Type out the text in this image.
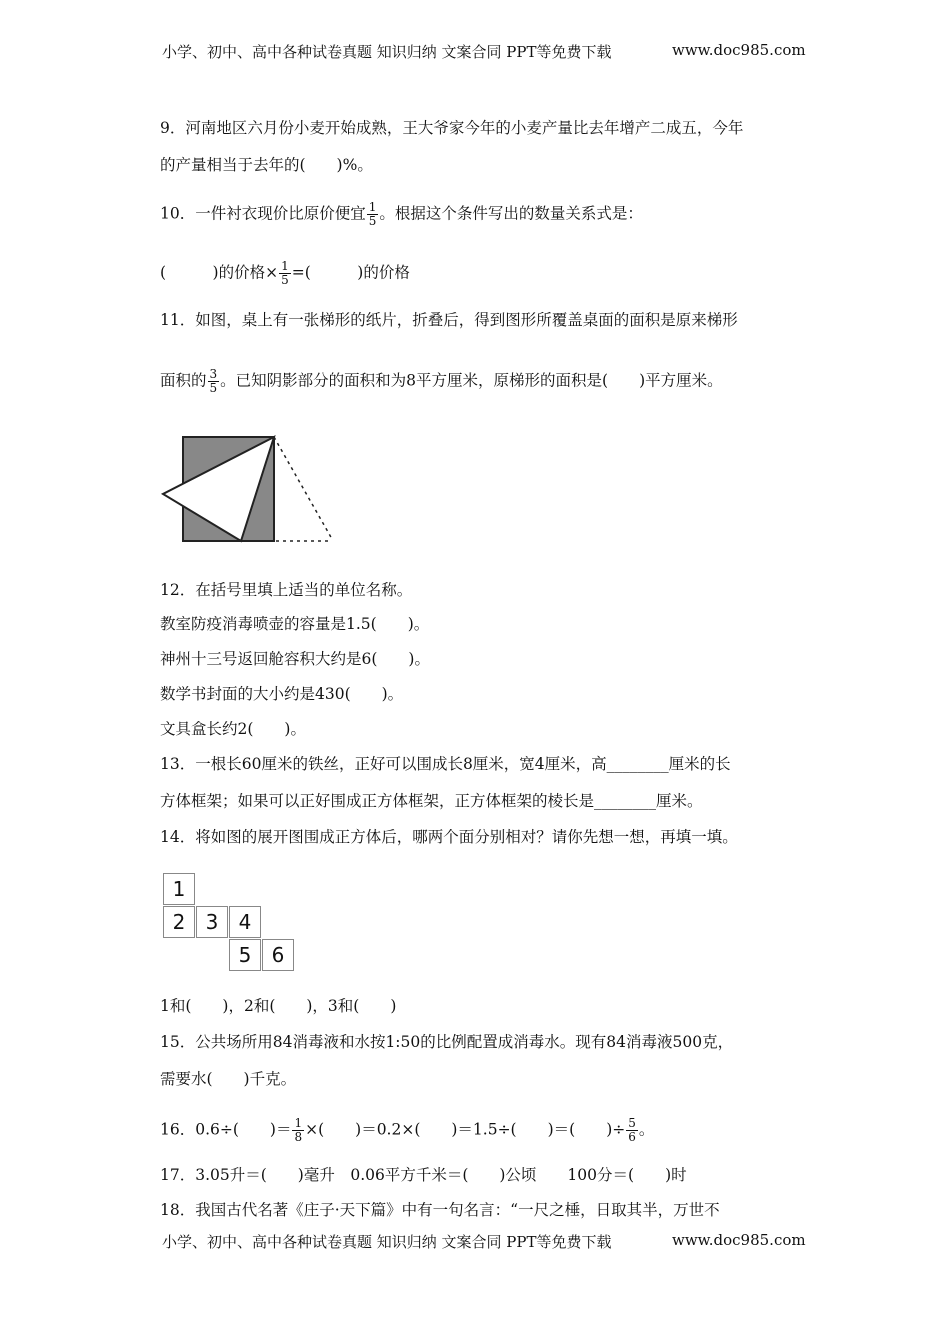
小学、初中、高中各种试卷真题 知识归纳 文案合同 PPT等免费下载	www.doc985.com
9．河南地区六月份小麦开始成熟，王大爷家今年的小麦产量比去年增产二成五，今年
的产量相当于去年的(　　)%。
10．一件衬衣现价比原价便宜 $\frac{1}{5}$ 。根据这个条件写出的数量关系式是：
(　　　)的价格× $\frac{1}{5}$ =(　　　)的价格
11．如图，桌上有一张梯形的纸片，折叠后，得到图形所覆盖桌面的面积是原来梯形
面积的 $\frac{3}{5}$ 。已知阴影部分的面积和为8平方厘米，原梯形的面积是(　　)平方厘米。
12．在括号里填上适当的单位名称。
教室防疫消毒喷壶的容量是1.5(　　)。
神州十三号返回舱容积大约是6(　　)。
数学书封面的大小约是430(　　)。
文具盒长约2(　　)。
13．一根长60厘米的铁丝，正好可以围成长8厘米，宽4厘米，高________厘米的长
方体框架；如果可以正好围成正方体框架，正方体框架的棱长是________厘米。
14．将如图的展开图围成正方体后，哪两个面分别相对？请你先想一想，再填一填。
1
2	3	4
5	6
1和(　　)，2和(　　)，3和(　　)
15．公共场所用84消毒液和水按1:50的比例配置成消毒水。现有84消毒液500克，
需要水(　　)千克。
16．0.6÷(　　)＝ $\frac{1}{8}$ ×(　　)＝0.2×(　　)＝1.5÷(　　)＝(　　)÷ $\frac{5}{6}$ 。
17．3.05升＝(　　)毫升　0.06平方千米＝(　　)公顷　　100分＝(　　)时
18．我国古代名著《庄子·天下篇》中有一句名言：“一尺之棰，日取其半，万世不
小学、初中、高中各种试卷真题 知识归纳 文案合同 PPT等免费下载	www.doc985.com
